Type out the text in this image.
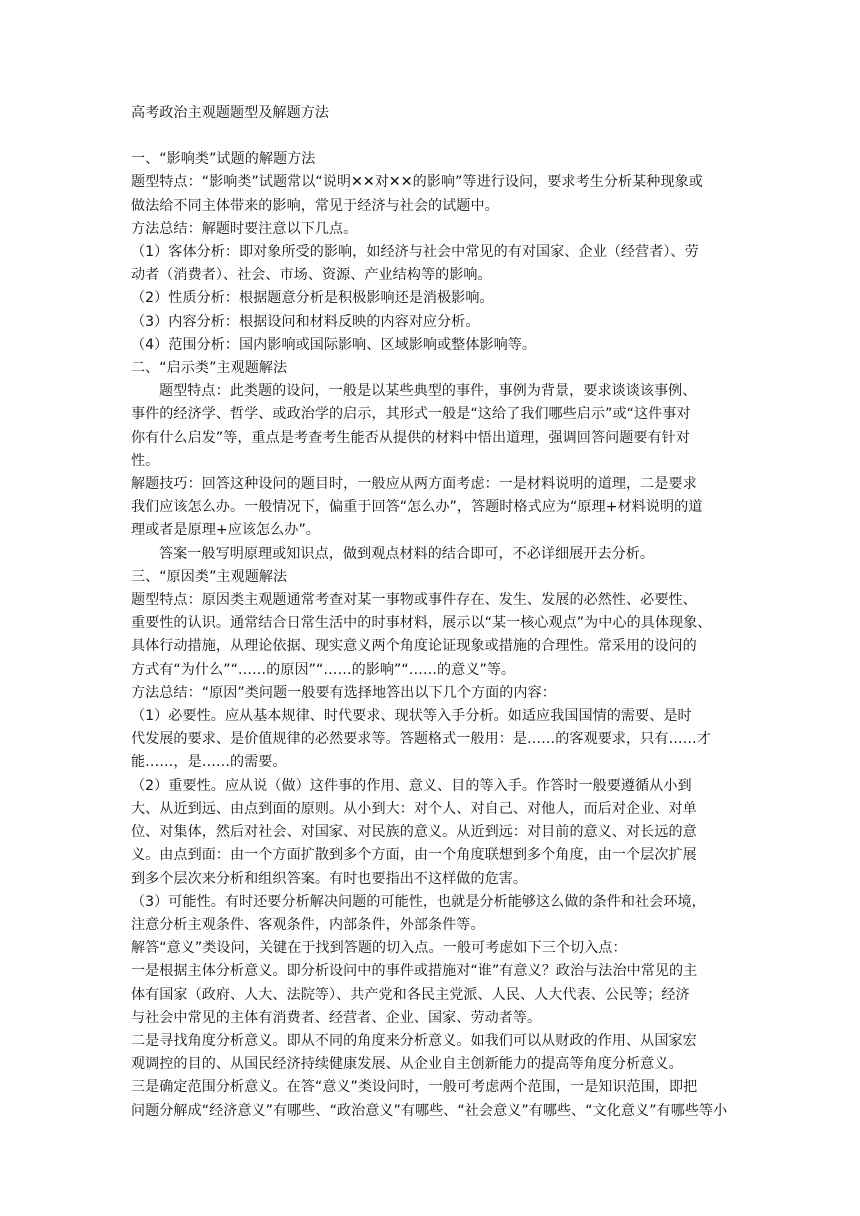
高考政治主观题题型及解题方法
一、“影响类”试题的解题方法
题型特点：“影响类”试题常以“说明✕✕对✕✕的影响”等进行设问，要求考生分析某种现象或
做法给不同主体带来的影响，常见于经济与社会的试题中。
方法总结：解题时要注意以下几点。
（1）客体分析：即对象所受的影响，如经济与社会中常见的有对国家、企业（经营者）、劳
动者（消费者）、社会、市场、资源、产业结构等的影响。
（2）性质分析：根据题意分析是积极影响还是消极影响。
（3）内容分析：根据设问和材料反映的内容对应分析。
（4）范围分析：国内影响或国际影响、区域影响或整体影响等。
二、“启示类”主观题解法
题型特点：此类题的设问，一般是以某些典型的事件，事例为背景，要求谈谈该事例、
事件的经济学、哲学、或政治学的启示，其形式一般是“这给了我们哪些启示”或“这件事对
你有什么启发”等，重点是考查考生能否从提供的材料中悟出道理，强调回答问题要有针对
性。
解题技巧：回答这种设问的题目时，一般应从两方面考虑：一是材料说明的道理，二是要求
我们应该怎么办。一般情况下，偏重于回答“怎么办”，答题时格式应为“原理+材料说明的道
理或者是原理+应该怎么办”。
答案一般写明原理或知识点，做到观点材料的结合即可，不必详细展开去分析。
三、“原因类”主观题解法
题型特点：原因类主观题通常考查对某一事物或事件存在、发生、发展的必然性、必要性、
重要性的认识。通常结合日常生活中的时事材料，展示以“某一核心观点”为中心的具体现象、
具体行动措施，从理论依据、现实意义两个角度论证现象或措施的合理性。常采用的设问的
方式有“为什么”“……的原因”“……的影响”“……的意义”等。
方法总结：“原因”类问题一般要有选择地答出以下几个方面的内容：
（1）必要性。应从基本规律、时代要求、现状等入手分析。如适应我国国情的需要、是时
代发展的要求、是价值规律的必然要求等。答题格式一般用：是……的客观要求，只有……才
能……，是……的需要。
（2）重要性。应从说（做）这件事的作用、意义、目的等入手。作答时一般要遵循从小到
大、从近到远、由点到面的原则。从小到大：对个人、对自己、对他人，而后对企业、对单
位、对集体，然后对社会、对国家、对民族的意义。从近到远：对目前的意义、对长远的意
义。由点到面：由一个方面扩散到多个方面，由一个角度联想到多个角度，由一个层次扩展
到多个层次来分析和组织答案。有时也要指出不这样做的危害。
（3）可能性。有时还要分析解决问题的可能性，也就是分析能够这么做的条件和社会环境，
注意分析主观条件、客观条件，内部条件，外部条件等。
解答“意义”类设问，关键在于找到答题的切入点。一般可考虑如下三个切入点：
一是根据主体分析意义。即分析设问中的事件或措施对“谁”有意义？政治与法治中常见的主
体有国家（政府、人大、法院等）、共产党和各民主党派、人民、人大代表、公民等；经济
与社会中常见的主体有消费者、经营者、企业、国家、劳动者等。
二是寻找角度分析意义。即从不同的角度来分析意义。如我们可以从财政的作用、从国家宏
观调控的目的、从国民经济持续健康发展、从企业自主创新能力的提高等角度分析意义。
三是确定范围分析意义。在答“意义”类设问时，一般可考虑两个范围，一是知识范围，即把
问题分解成“经济意义”有哪些、“政治意义”有哪些、“社会意义”有哪些、“文化意义”有哪些等小
